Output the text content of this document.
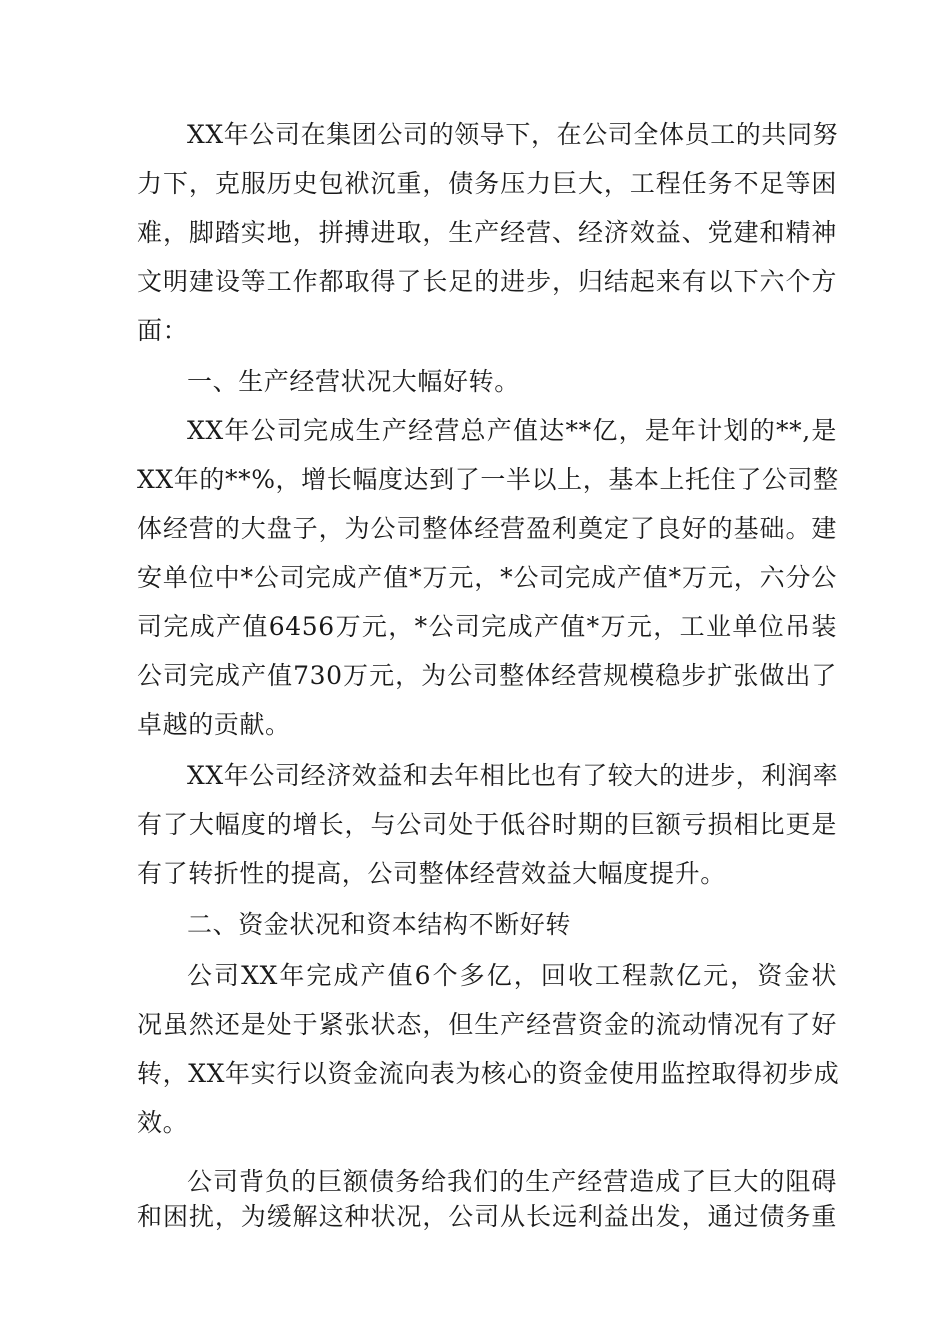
XX年公司在集团公司的领导下，在公司全体员工的共同努
力下，克服历史包袱沉重，债务压力巨大，工程任务不足等困
难，脚踏实地，拼搏进取，生产经营、经济效益、党建和精神
文明建设等工作都取得了长足的进步，归结起来有以下六个方
面：
一、生产经营状况大幅好转。
XX年公司完成生产经营总产值达**亿，是年计划的**,是
XX年的**%，增长幅度达到了一半以上，基本上托住了公司整
体经营的大盘子，为公司整体经营盈利奠定了良好的基础。建
安单位中*公司完成产值*万元，*公司完成产值*万元，六分公
司完成产值6456万元，*公司完成产值*万元，工业单位吊装
公司完成产值730万元，为公司整体经营规模稳步扩张做出了
卓越的贡献。
XX年公司经济效益和去年相比也有了较大的进步，利润率
有了大幅度的增长，与公司处于低谷时期的巨额亏损相比更是
有了转折性的提高，公司整体经营效益大幅度提升。
二、资金状况和资本结构不断好转
公司XX年完成产值6个多亿，回收工程款亿元，资金状
况虽然还是处于紧张状态，但生产经营资金的流动情况有了好
转，XX年实行以资金流向表为核心的资金使用监控取得初步成
效。
公司背负的巨额债务给我们的生产经营造成了巨大的阻碍
和困扰，为缓解这种状况，公司从长远利益出发，通过债务重
